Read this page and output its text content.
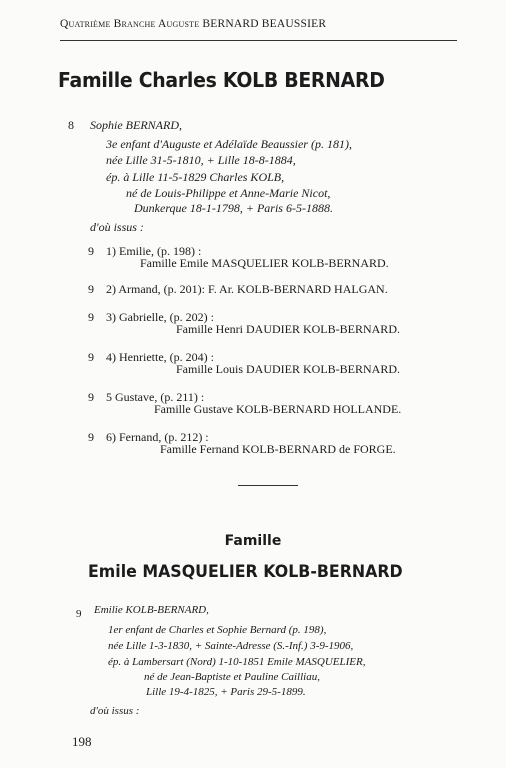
Quatrième Branche Auguste BERNARD BEAUSSIER
Famille Charles KOLB BERNARD
8 Sophie BERNARD,
3e enfant d'Auguste et Adélaïde Beaussier (p. 181),
née Lille 31-5-1810, + Lille 18-8-1884,
ép. à Lille 11-5-1829 Charles KOLB,
né de Louis-Philippe et Anne-Marie Nicot,
Dunkerque 18-1-1798, + Paris 6-5-1888.
d'où issus :
9 1) Emilie, (p. 198) :
Famille Emile MASQUELIER KOLB-BERNARD.
9 2) Armand, (p. 201): F. Ar. KOLB-BERNARD HALGAN.
9 3) Gabrielle, (p. 202) :
Famille Henri DAUDIER KOLB-BERNARD.
9 4) Henriette, (p. 204) :
Famille Louis DAUDIER KOLB-BERNARD.
9 5 Gustave, (p. 211) :
Famille Gustave KOLB-BERNARD HOLLANDE.
9 6) Fernand, (p. 212) :
Famille Fernand KOLB-BERNARD de FORGE.
Famille
Emile MASQUELIER KOLB-BERNARD
9 Emilie KOLB-BERNARD,
1er enfant de Charles et Sophie Bernard (p. 198),
née Lille 1-3-1830, + Sainte-Adresse (S.-Inf.) 3-9-1906,
ép. à Lambersart (Nord) 1-10-1851 Emile MASQUELIER,
né de Jean-Baptiste et Pauline Cailliau,
Lille 19-4-1825, + Paris 29-5-1899.
d'où issus :
198
